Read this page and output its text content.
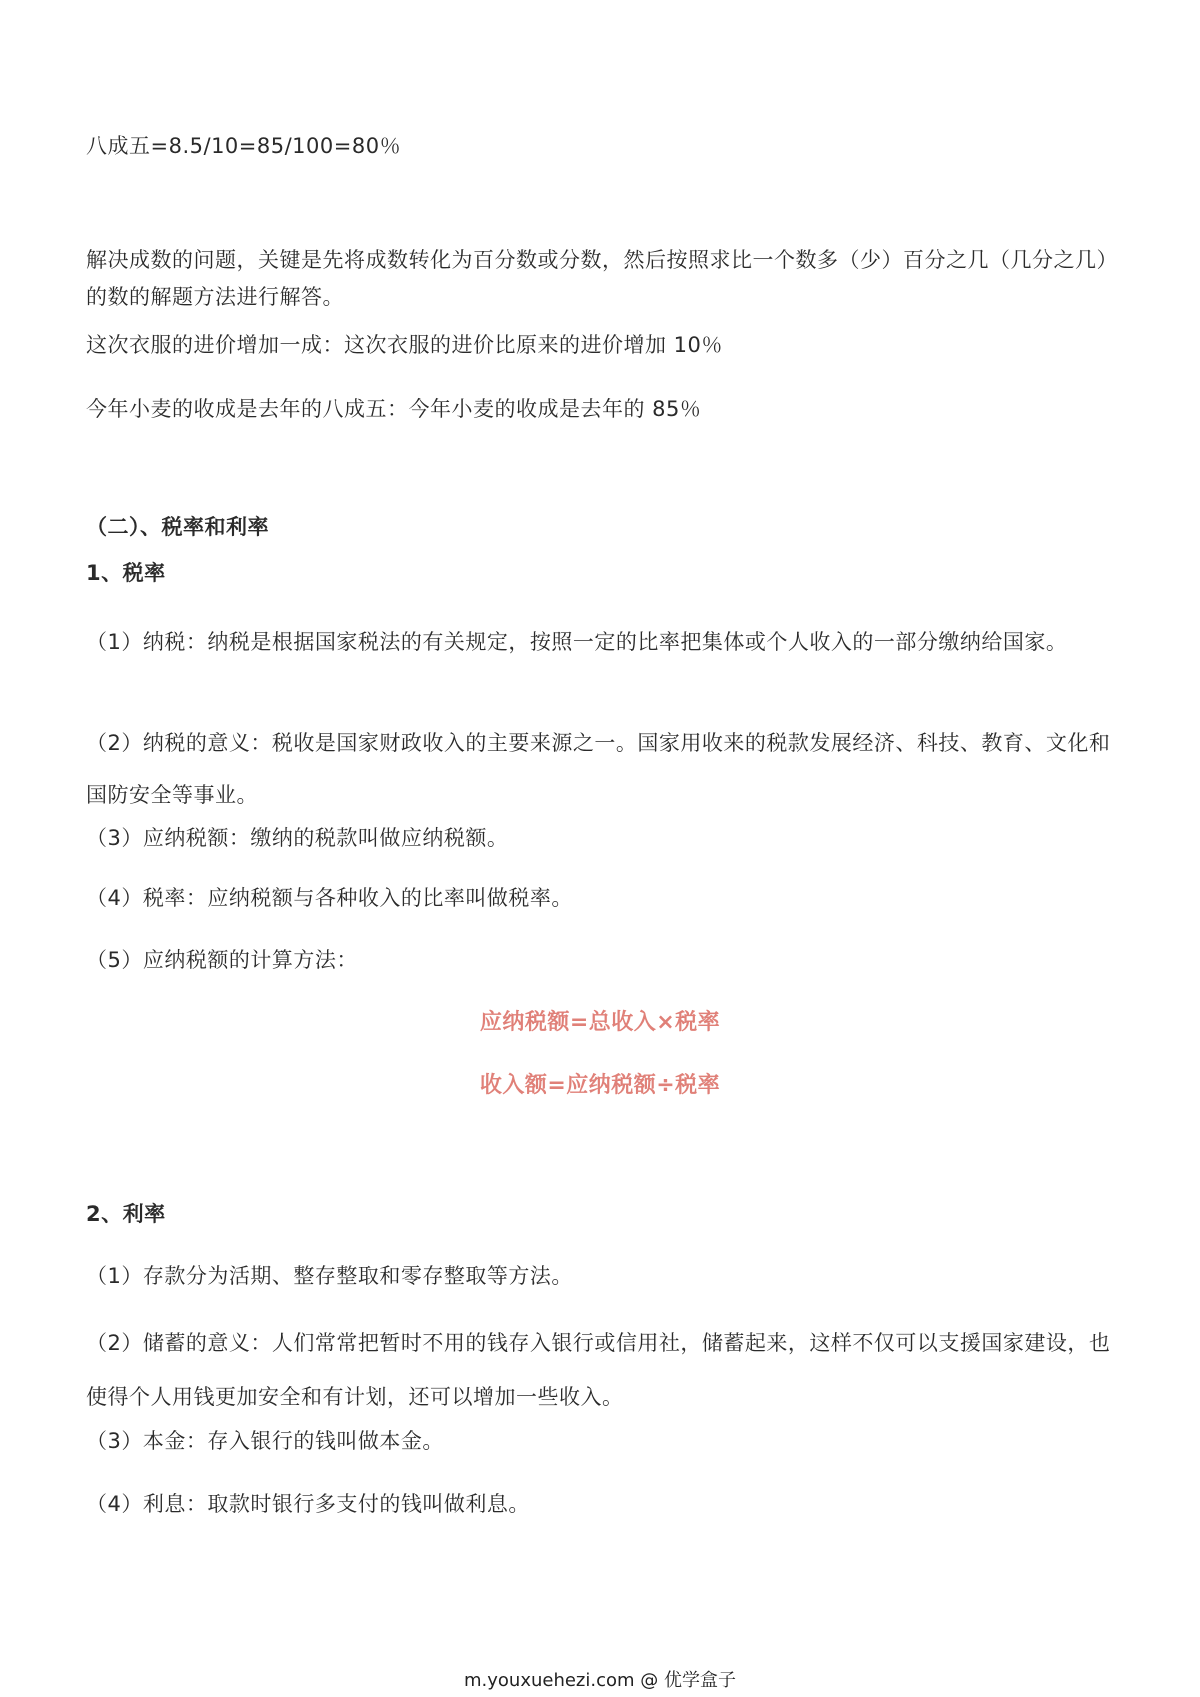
八成五=8.5/10=85/100=80％
解决成数的问题，关键是先将成数转化为百分数或分数，然后按照求比一个数多（少）百分之几（几分之几）的数的解题方法进行解答。
这次衣服的进价增加一成：这次衣服的进价比原来的进价增加 10％
今年小麦的收成是去年的八成五：今年小麦的收成是去年的 85％
（二）、税率和利率
1、税率
（1）纳税：纳税是根据国家税法的有关规定，按照一定的比率把集体或个人收入的一部分缴纳给国家。
（2）纳税的意义：税收是国家财政收入的主要来源之一。国家用收来的税款发展经济、科技、教育、文化和国防安全等事业。
（3）应纳税额：缴纳的税款叫做应纳税额。
（4）税率：应纳税额与各种收入的比率叫做税率。
（5）应纳税额的计算方法：
应纳税额=总收入×税率
收入额=应纳税额÷税率
2、利率
（1）存款分为活期、整存整取和零存整取等方法。
（2）储蓄的意义：人们常常把暂时不用的钱存入银行或信用社，储蓄起来，这样不仅可以支援国家建设，也使得个人用钱更加安全和有计划，还可以增加一些收入。
（3）本金：存入银行的钱叫做本金。
（4）利息：取款时银行多支付的钱叫做利息。
m.youxuehezi.com @ 优学盒子
